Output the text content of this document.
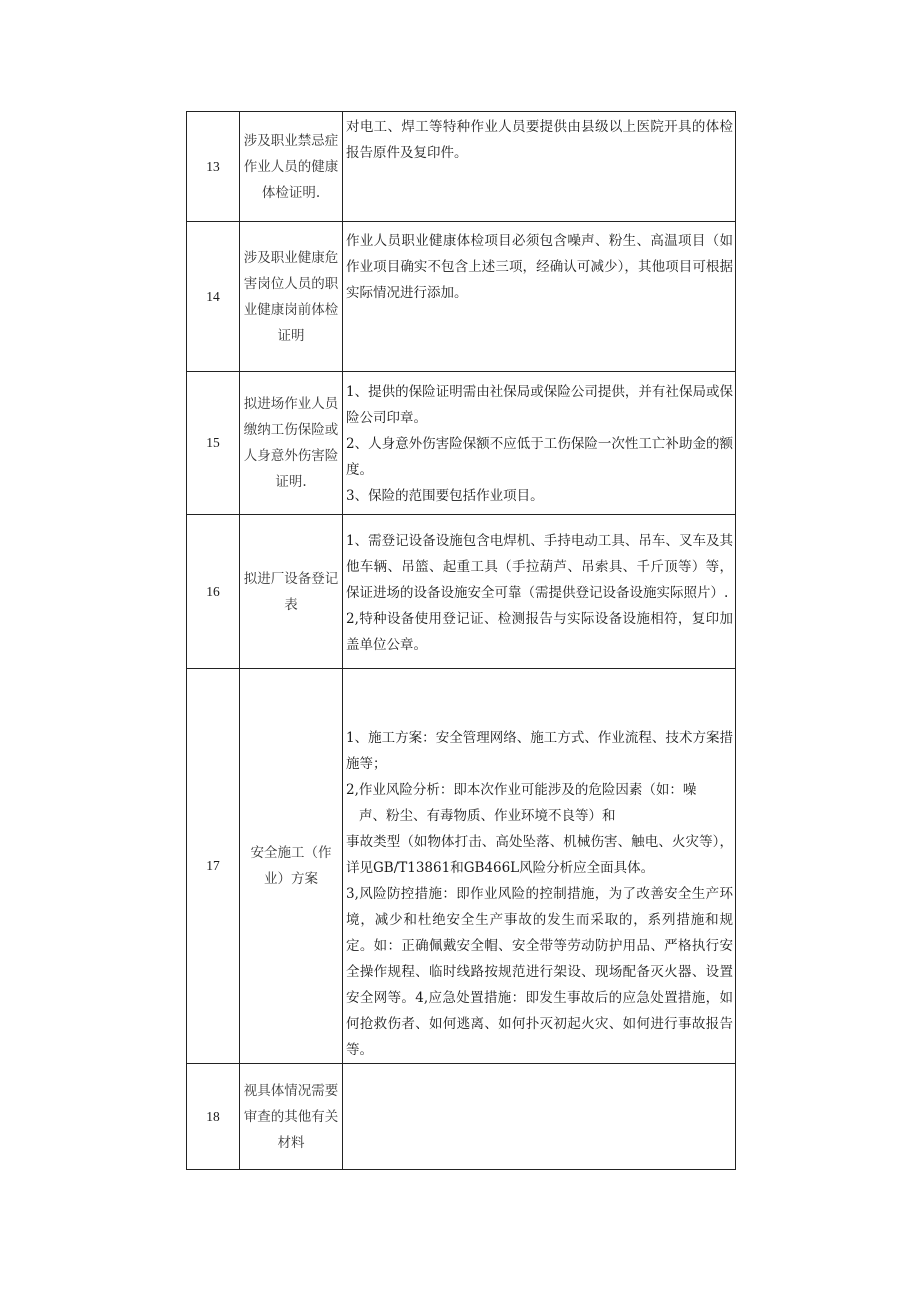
13	涉及职业禁忌症作业人员的健康体检证明.	对电工、焊工等特种作业人员要提供由县级以上医院开具的体检报告原件及复印件。

14	涉及职业健康危害岗位人员的职业健康岗前体检证明	作业人员职业健康体检项目必须包含噪声、粉生、高温项目（如作业项目确实不包含上述三项，经确认可减少），其他项目可根据实际情况进行添加。

15	拟进场作业人员缴纳工伤保险或人身意外伤害险证明.	1、提供的保险证明需由社保局或保险公司提供，并有社保局或保险公司印章。
2、人身意外伤害险保额不应低于工伤保险一次性工亡补助金的额度。
3、保险的范围要包括作业项目。

16	拟进厂设备登记表	1、需登记设备设施包含电焊机、手持电动工具、吊车、叉车及其他车辆、吊篮、起重工具（手拉葫芦、吊索具、千斤顶等）等，保证进场的设备设施安全可靠（需提供登记设备设施实际照片）.
2,特种设备使用登记证、检测报告与实际设备设施相符，复印加盖单位公章。

17	安全施工（作业）方案	1、施工方案：安全管理网络、施工方式、作业流程、技术方案措施等；
2,作业风险分析：即本次作业可能涉及的危险因素（如：噪
声、粉尘、有毒物质、作业环境不良等）和
事故类型（如物体打击、高处坠落、机械伤害、触电、火灾等），详见GB/T13861和GB466L风险分析应全面具体。
3,风险防控措施：即作业风险的控制措施，为了改善安全生产环境，减少和杜绝安全生产事故的发生而采取的，系列措施和规定。如：正确佩戴安全帽、安全带等劳动防护用品、严格执行安全操作规程、临时线路按规范进行架设、现场配备灭火器、设置安全网等。4,应急处置措施：即发生事故后的应急处置措施，如何抢救伤者、如何逃离、如何扑灭初起火灾、如何进行事故报告等。

18	视具体情况需要审查的其他有关材料	
